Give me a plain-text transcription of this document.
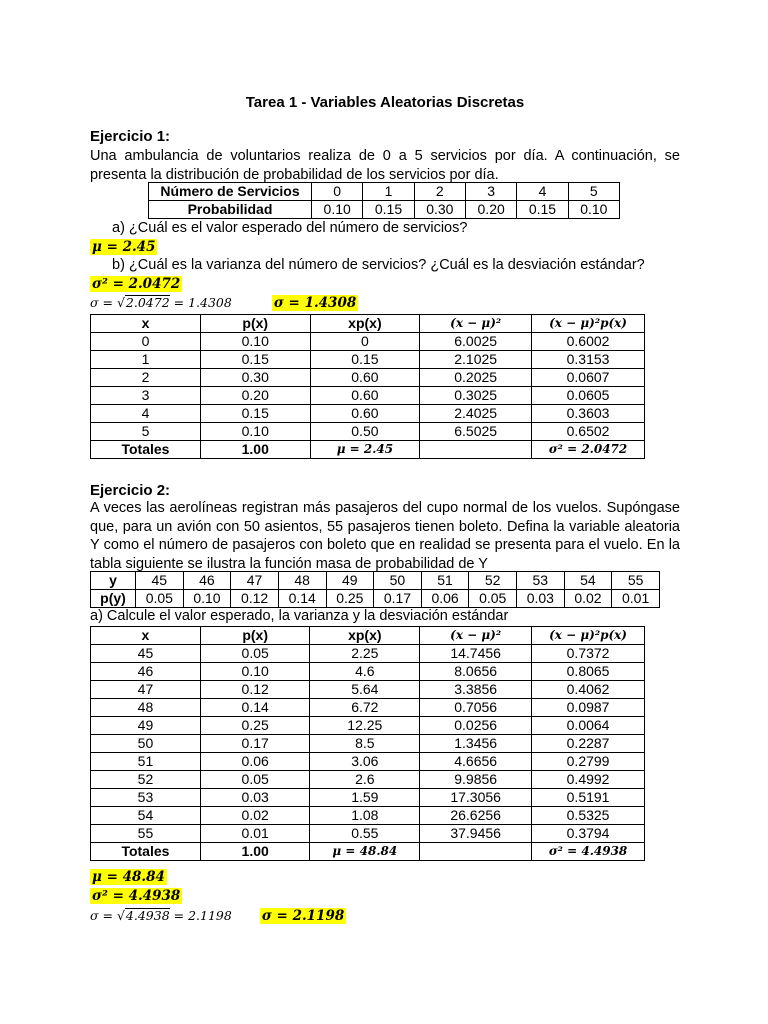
Tarea 1 - Variables Aleatorias Discretas
Ejercicio 1:
Una ambulancia de voluntarios realiza de 0 a 5 servicios por día. A continuación, se presenta la distribución de probabilidad de los servicios por día.
Número de Servicios	0	1	2	3	4	5
Probabilidad	0.10	0.15	0.30	0.20	0.15	0.10
a) ¿Cuál es el valor esperado del número de servicios?
μ = 2.45
b) ¿Cuál es la varianza del número de servicios? ¿Cuál es la desviación estándar?
σ² = 2.0472
σ = √2.0472 = 1.4308	σ = 1.4308
x	p(x)	xp(x)	(x − μ)²	(x − μ)²p(x)
0	0.10	0	6.0025	0.6002
1	0.15	0.15	2.1025	0.3153
2	0.30	0.60	0.2025	0.0607
3	0.20	0.60	0.3025	0.0605
4	0.15	0.60	2.4025	0.3603
5	0.10	0.50	6.5025	0.6502
Totales	1.00	μ = 2.45		σ² = 2.0472
Ejercicio 2:
A veces las aerolíneas registran más pasajeros del cupo normal de los vuelos. Supóngase que, para un avión con 50 asientos, 55 pasajeros tienen boleto. Defina la variable aleatoria Y como el número de pasajeros con boleto que en realidad se presenta para el vuelo. En la tabla siguiente se ilustra la función masa de probabilidad de Y
y	45	46	47	48	49	50	51	52	53	54	55
p(y)	0.05	0.10	0.12	0.14	0.25	0.17	0.06	0.05	0.03	0.02	0.01
a) Calcule el valor esperado, la varianza y la desviación estándar
x	p(x)	xp(x)	(x − μ)²	(x − μ)²p(x)
45	0.05	2.25	14.7456	0.7372
46	0.10	4.6	8.0656	0.8065
47	0.12	5.64	3.3856	0.4062
48	0.14	6.72	0.7056	0.0987
49	0.25	12.25	0.0256	0.0064
50	0.17	8.5	1.3456	0.2287
51	0.06	3.06	4.6656	0.2799
52	0.05	2.6	9.9856	0.4992
53	0.03	1.59	17.3056	0.5191
54	0.02	1.08	26.6256	0.5325
55	0.01	0.55	37.9456	0.3794
Totales	1.00	μ = 48.84		σ² = 4.4938
μ = 48.84
σ² = 4.4938
σ = √4.4938 = 2.1198 σ = 2.1198
